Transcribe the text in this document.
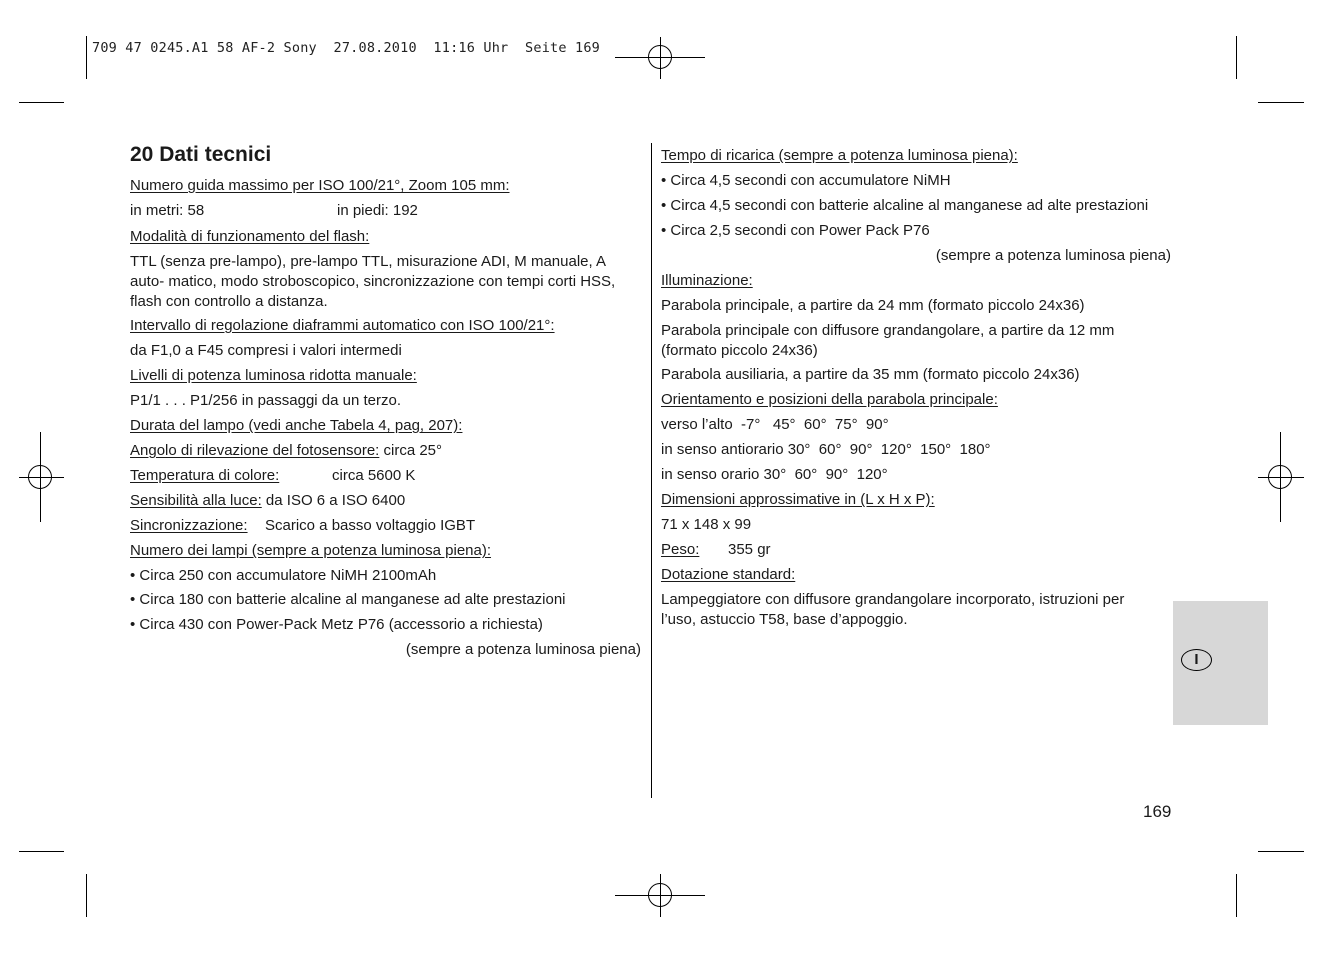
709 47 0245.A1 58 AF-2 Sony  27.08.2010  11:16 Uhr  Seite 169
20 Dati tecnici
Numero guida massimo per ISO 100/21°, Zoom 105 mm:
in metri: 58	in piedi: 192
Modalità di funzionamento del flash:
TTL (senza pre-lampo), pre-lampo TTL, misurazione ADI, M manuale, A auto- matico, modo stroboscopico, sincronizzazione con tempi corti HSS, flash con controllo a distanza.
Intervallo di regolazione diaframmi automatico con ISO 100/21°:
da F1,0 a F45 compresi i valori intermedi
Livelli di potenza luminosa ridotta manuale:
P1/1 . . . P1/256 in passaggi da un terzo.
Durata del lampo (vedi anche Tabela 4, pag, 207):
Angolo di rilevazione del fotosensore: circa 25°
Temperatura di colore:	circa 5600 K
Sensibilità alla luce: da ISO 6 a ISO 6400
Sincronizzazione: Scarico a basso voltaggio IGBT
Numero dei lampi (sempre a potenza luminosa piena):
• Circa 250 con accumulatore NiMH 2100mAh
• Circa 180 con batterie alcaline al manganese ad alte prestazioni
• Circa 430 con Power-Pack Metz P76 (accessorio a richiesta)
(sempre a potenza luminosa piena)
Tempo di ricarica (sempre a potenza luminosa piena):
• Circa 4,5 secondi con accumulatore NiMH
• Circa 4,5 secondi con batterie alcaline al manganese ad alte prestazioni
• Circa 2,5 secondi con Power Pack P76
(sempre a potenza luminosa piena)
Illuminazione:
Parabola principale, a partire da 24 mm (formato piccolo 24x36)
Parabola principale con diffusore grandangolare, a partire da 12 mm (formato piccolo 24x36)
Parabola ausiliaria, a partire da 35 mm (formato piccolo 24x36)
Orientamento e posizioni della parabola principale:
verso l’alto  -7°   45°  60°  75°  90°
in senso antiorario 30°  60°  90°  120°  150°  180°
in senso orario 30°  60°  90°  120°
Dimensioni approssimative in (L x H x P):
71 x 148 x 99
Peso: 355 gr
Dotazione standard:
Lampeggiatore con diffusore grandangolare incorporato, istruzioni per l’uso, astuccio T58, base d’appoggio.
I
169
